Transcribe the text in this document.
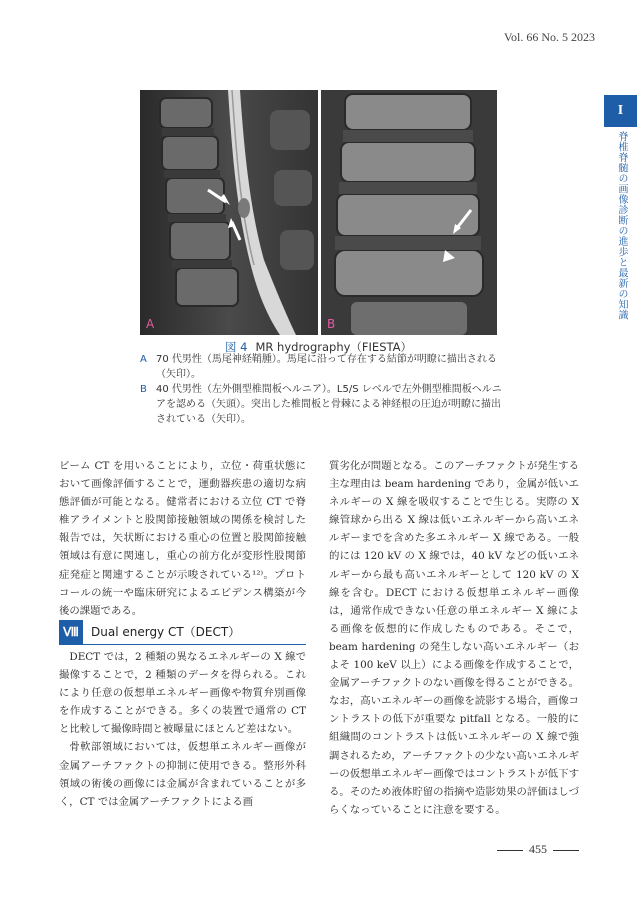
Vol. 66 No. 5 2023
I
脊椎脊髄の画像診断の進歩と最新の知識
A	B
図 4 MR hydrography（FIESTA）
A 70 代男性（馬尾神経鞘腫）。馬尾に沿って存在する結節が明瞭に描出される（矢印）。
B 40 代男性（左外側型椎間板ヘルニア）。L5/S レベルで左外側型椎間板ヘルニアを認める（矢頭）。突出した椎間板と骨棘による神経根の圧迫が明瞭に描出されている（矢印）。

ビーム CT を用いることにより，立位・荷重状態において画像評価することで，運動器疾患の適切な病態評価が可能となる。健常者における立位 CT で脊椎アライメントと股関節接触領域の関係を検討した報告では，矢状断における重心の位置と股関節接触領域は有意に関連し，重心の前方化が変形性股関節症発症と関連することが示唆されている¹²⁾。プロトコールの統一や臨床研究によるエビデンス構築が今後の課題である。

Ⅷ	Dual energy CT（DECT）

DECT では，2 種類の異なるエネルギーの X 線で撮像することで，2 種類のデータを得られる。これにより任意の仮想単エネルギー画像や物質弁別画像を作成することができる。多くの装置で通常の CT と比較して撮像時間と被曝量にほとんど差はない。

骨軟部領域においては，仮想単エネルギー画像が金属アーチファクトの抑制に使用できる。整形外科領域の術後の画像には金属が含まれていることが多く，CT では金属アーチファクトによる画

質劣化が問題となる。このアーチファクトが発生する主な理由は beam hardening であり，金属が低いエネルギーの X 線を吸収することで生じる。実際の X 線管球から出る X 線は低いエネルギーから高いエネルギーまでを含めた多エネルギー X 線である。一般的には 120 kV の X 線では，40 kV などの低いエネルギーから最も高いエネルギーとして 120 kV の X 線を含む。DECT における仮想単エネルギー画像は，通常作成できない任意の単エネルギー X 線による画像を仮想的に作成したものである。そこで，beam hardening の発生しない高いエネルギー（およそ 100 keV 以上）による画像を作成することで，金属アーチファクトのない画像を得ることができる。なお，高いエネルギーの画像を読影する場合，画像コントラストの低下が重要な pitfall となる。一般的に組織間のコントラストは低いエネルギーの X 線で強調されるため，アーチファクトの少ない高いエネルギーの仮想単エネルギー画像ではコントラストが低下する。そのため液体貯留の指摘や造影効果の評価はしづらくなっていることに注意を要する。

455
